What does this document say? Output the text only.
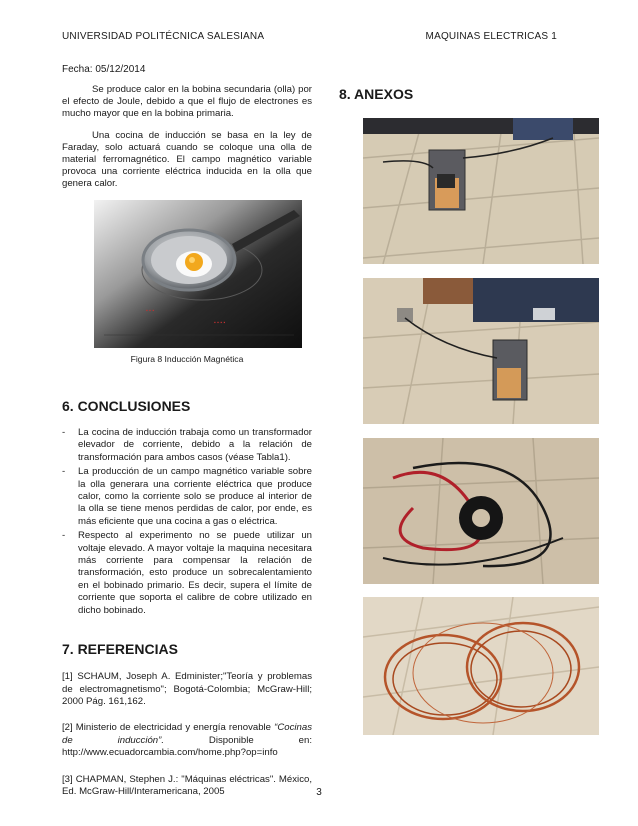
UNIVERSIDAD POLITÉCNICA SALESIANA	MAQUINAS ELECTRICAS 1
Fecha: 05/12/2014

Se produce calor en la bobina secundaria (olla) por el efecto de Joule, debido a que el flujo de electrones es mucho mayor que en la bobina primaria.

Una cocina de inducción se basa en la ley de Faraday, solo actuará cuando se coloque una olla de material ferromagnético. El campo magnético variable provoca una corriente eléctrica inducida en la olla que genera calor.

▪ ▪ ▪
▪ ▪ ▪ ▪
Figura 8 Inducción Magnética
6. CONCLUSIONES
- La cocina de inducción trabaja como un transformador elevador de corriente, debido a la relación de transformación para ambos casos (véase Tabla1).
- La producción de un campo magnético variable sobre la olla generara una corriente eléctrica que produce calor, como la corriente solo se produce al interior de la olla se tiene menos perdidas de calor, por ende, es más eficiente que una cocina a gas o eléctrica.
- Respecto al experimento no se puede utilizar un voltaje elevado. A mayor voltaje la maquina necesitara más corriente para compensar la relación de transformación, esto produce un sobrecalentamiento en el bobinado primario. Es decir, supera el límite de corriente que soporta el calibre de cobre utilizado en dicho bobinado.
7. REFERENCIAS

[1] SCHAUM, Joseph A. Edminister;"Teoría y problemas de electromagnetismo"; Bogotá-Colombia; McGraw-Hill; 2000 Pág. 161,162.

[2] Ministerio de electricidad y energía renovable “Cocinas de inducción”. Disponible en: http://www.ecuadorcambia.com/home.php?op=info

[3] CHAPMAN, Stephen J.: "Máquinas eléctricas". México, Ed. McGraw-Hill/Interamericana, 2005

8. ANEXOS
3
